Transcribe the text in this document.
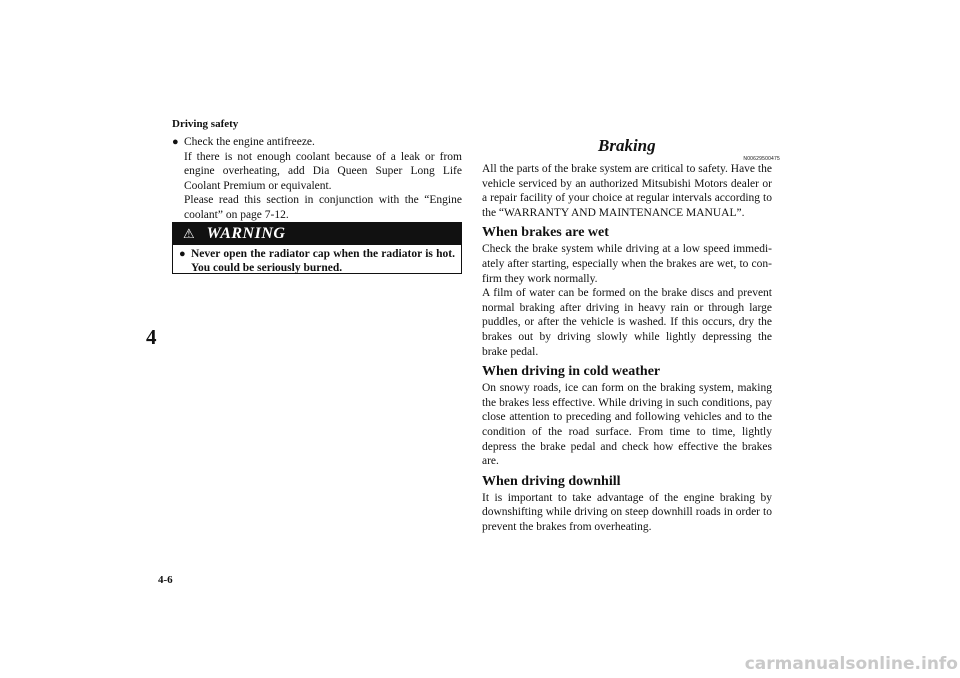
Driving safety
4
● Check the engine antifreeze.

If there is not enough coolant because of a leak or from engine overheating, add Dia Queen Super Long Life Coolant Premium or equivalent.

Please read this section in conjunction with the “Engine coolant” on page 7-12.

⚠ WARNING
● Never open the radiator cap when the radiator is hot. You could be seriously burned.
Braking
N00629500475

All the parts of the brake system are critical to safety. Have the vehicle serviced by an authorized Mitsubishi Motors dealer or a repair facility of your choice at regular intervals according to the “WARRANTY AND MAINTENANCE MANUAL”.

When brakes are wet

Check the brake system while driving at a low speed immedi-ately after starting, especially when the brakes are wet, to con-firm they work normally.

A film of water can be formed on the brake discs and prevent normal braking after driving in heavy rain or through large puddles, or after the vehicle is washed. If this occurs, dry the brakes out by driving slowly while lightly depressing the brake pedal.

When driving in cold weather

On snowy roads, ice can form on the braking system, making the brakes less effective. While driving in such conditions, pay close attention to preceding and following vehicles and to the condition of the road surface. From time to time, lightly depress the brake pedal and check how effective the brakes are.

When driving downhill

It is important to take advantage of the engine braking by downshifting while driving on steep downhill roads in order to prevent the brakes from overheating.

4-6
carmanualsonline.info
